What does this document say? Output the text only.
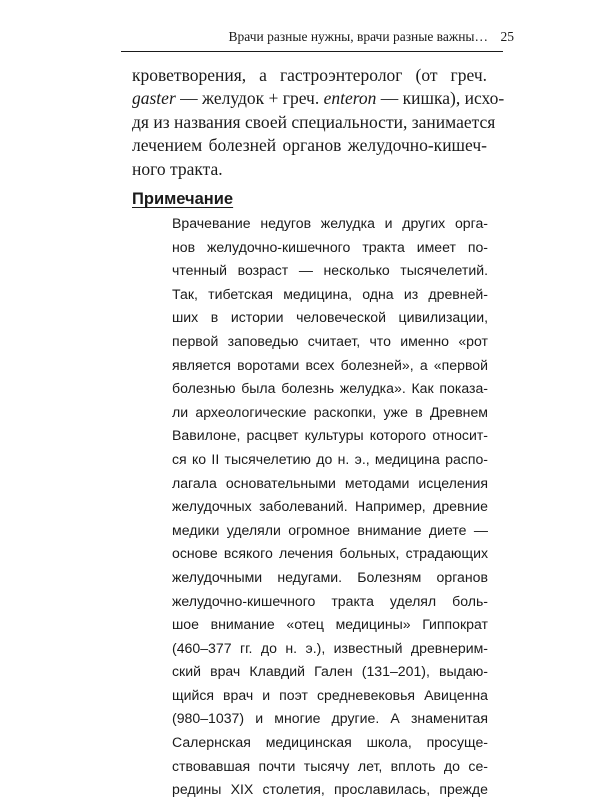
Врачи разные нужны, врачи разные важны… 25
кроветворения, а гастроэнтеролог (от греч.
gaster — желудок + греч. enteron — кишка), исхо-
дя из названия своей специальности, занимается
лечением болезней органов желудочно-кишеч-
ного тракта.
Примечание
Врачевание недугов желудка и других орга-
нов желудочно-кишечного тракта имеет по-
чтенный возраст — несколько тысячелетий.
Так, тибетская медицина, одна из древней-
ших в истории человеческой цивилизации,
первой заповедью считает, что именно «рот
является воротами всех болезней», а «первой
болезнью была болезнь желудка». Как показа-
ли археологические раскопки, уже в Древнем
Вавилоне, расцвет культуры которого относит-
ся ко II тысячелетию до н. э., медицина распо-
лагала основательными методами исцеления
желудочных заболеваний. Например, древние
медики уделяли огромное внимание диете —
основе всякого лечения больных, страдающих
желудочными недугами. Болезням органов
желудочно-кишечного тракта уделял боль-
шое внимание «отец медицины» Гиппократ
(460–377 гг. до н. э.), известный древнерим-
ский врач Клавдий Гален (131–201), выдаю-
щийся врач и поэт средневековья Авиценна
(980–1037) и многие другие. А знаменитая
Салернская медицинская школа, просуще-
ствовавшая почти тысячу лет, вплоть до се-
редины XIX столетия, прославилась, прежде
